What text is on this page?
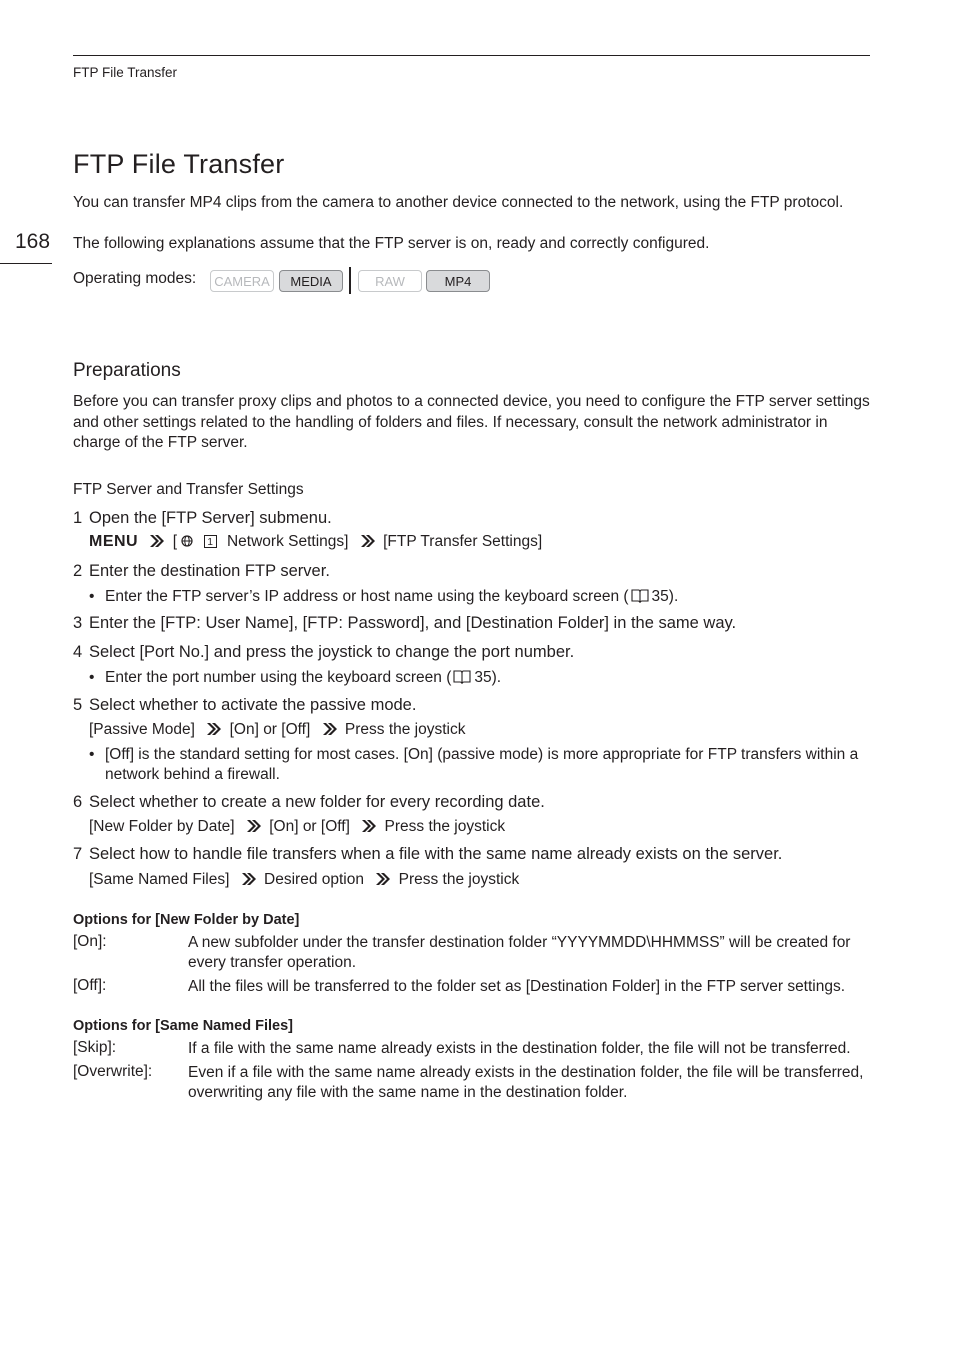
FTP File Transfer
168
FTP File Transfer
You can transfer MP4 clips from the camera to another device connected to the network, using the FTP protocol.
The following explanations assume that the FTP server is on, ready and correctly configured.
Operating modes:	CAMERA	MEDIA	RAW	MP4
Preparations
Before you can transfer proxy clips and photos to a connected device, you need to configure the FTP server settings and other settings related to the handling of folders and files. If necessary, consult the network administrator in charge of the FTP server.
FTP Server and Transfer Settings
1 Open the [FTP Server] submenu.
MENU [	1 Network Settings] [FTP Transfer Settings]
2 Enter the destination FTP server.
• Enter the FTP server’s IP address or host name using the keyboard screen ( 35).
3 Enter the [FTP: User Name], [FTP: Password], and [Destination Folder] in the same way.
4 Select [Port No.] and press the joystick to change the port number.
• Enter the port number using the keyboard screen ( 35).
5 Select whether to activate the passive mode.
[Passive Mode] [On] or [Off] Press the joystick
• [Off] is the standard setting for most cases. [On] (passive mode) is more appropriate for FTP transfers within a network behind a firewall.
6 Select whether to create a new folder for every recording date.
[New Folder by Date] [On] or [Off] Press the joystick
7 Select how to handle file transfers when a file with the same name already exists on the server.
[Same Named Files] Desired option Press the joystick
Options for [New Folder by Date]
[On]:	A new subfolder under the transfer destination folder “YYYYMMDD\HHMMSS” will be created for every transfer operation.
[Off]:	All the files will be transferred to the folder set as [Destination Folder] in the FTP server settings.
Options for [Same Named Files]
[Skip]:	If a file with the same name already exists in the destination folder, the file will not be transferred.
[Overwrite]: Even if a file with the same name already exists in the destination folder, the file will be transferred, overwriting any file with the same name in the destination folder.
